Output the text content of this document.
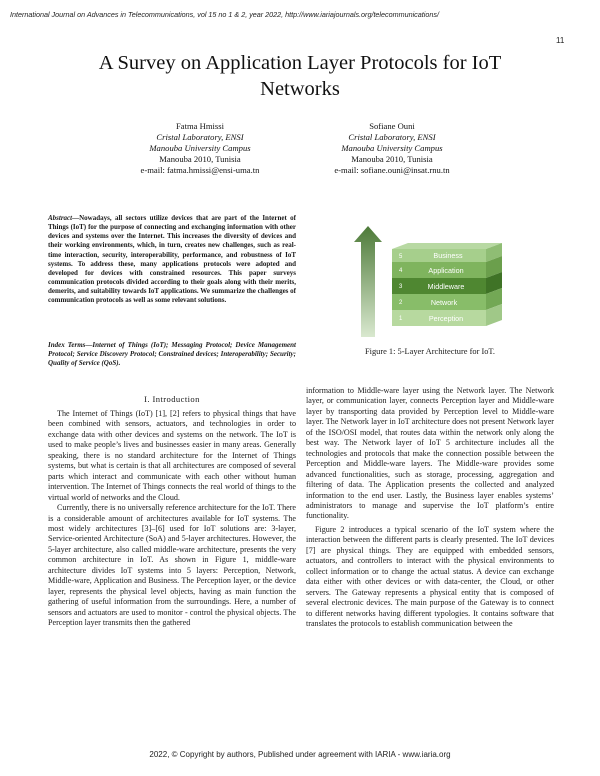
International Journal on Advances in Telecommunications, vol 15 no 1 & 2, year 2022, http://www.iariajournals.org/telecommunications/
11
A Survey on Application Layer Protocols for IoT
Networks
Fatma Hmissi
Cristal Laboratory, ENSI
Manouba University Campus
Manouba 2010, Tunisia
e-mail: fatma.hmissi@ensi-uma.tn
Sofiane Ouni
Cristal Laboratory, ENSI
Manouba University Campus
Manouba 2010, Tunisia
e-mail: sofiane.ouni@insat.rnu.tn
Abstract—Nowadays, all sectors utilize devices that are part of the Internet of Things (IoT) for the purpose of connecting and exchanging information with other devices and systems over the Internet. This increases the diversity of devices and their working environments, which, in turn, creates new challenges, such as real-time interaction, security, interoperability, performance, and robustness of IoT systems. To address these, many applications protocols were adopted and developed for devices with constrained resources. This paper surveys communication protocols divided according to their goals along with their merits, demerits, and suitability towards IoT applications. We summarize the challenges of communication protocols as well as some relevant solutions.
Index Terms—Internet of Things (IoT); Messaging Protocol; Device Management Protocol; Service Discovery Protocol; Constrained devices; Interoperability; Security; Quality of Service (QoS).
5
4
3
2
1
Business
Application
Middleware
Network
Perception
Figure 1: 5-Layer Architecture for IoT.
I. Introduction

The Internet of Things (IoT) [1], [2] refers to physical things that have been combined with sensors, actuators, and technologies in order to exchange data with other devices and systems on the network. The IoT is used to make people’s lives and businesses easier in many areas. Generally speaking, there is no standard architecture for the Internet of Things systems, but what is certain is that all architectures are composed of several parts which interact and communicate with each other without human intervention. The Internet of Things connects the real world of things to the virtual world of networks and the Cloud.

Currently, there is no universally reference architecture for the IoT. There is a considerable amount of architectures available for IoT systems. The most widely architectures [3]–[6] used for IoT solutions are: 3-layer, Service-oriented Architecture (SoA) and 5-layer architectures. However, the 5-layer architecture, also called middle-ware architecture, presents the very common architecture in IoT. As shown in Figure 1, middle-ware architecture divides IoT systems into 5 layers: Perception, Network, Middle-ware, Application and Business. The Perception layer, or the device layer, represents the physical level objects, having as main function the gathering of useful information from the surroundings. Here, a number of sensors and actuators are used to monitor - control the physical objects. The Perception layer transmits then the gathered

information to Middle-ware layer using the Network layer. The Network layer, or communication layer, connects Perception layer and Middle-ware layer by transporting data provided by Perception level to Middle-ware layer. The Network layer in IoT architecture does not present Network layer of the ISO/OSI model, that routes data within the network only along the best way. The Network layer of IoT 5 architecture includes all the technologies and protocols that make the connection possible between the Perception and Middle-ware layers. The Middle-ware provides some advanced functionalities, such as storage, processing, aggregation and filtering of data. The Application presents the collected and analyzed information to the end user. Lastly, the Business layer enables systems’ administrators to manage and supervise the IoT platform’s entire functionality.

Figure 2 introduces a typical scenario of the IoT system where the interaction between the different parts is clearly presented. The IoT devices [7] are physical things. They are equipped with embedded sensors, actuators, and controllers to interact with the physical environments to collect information or to change the actual status. A device can exchange data either with other devices or with data-center, the Cloud, or other servers. The Gateway represents a physical entity that is composed of several electronic devices. The main purpose of the Gateway is to connect to different networks having different typologies. It contains software that translates the protocols to establish communication between the

2022, © Copyright by authors, Published under agreement with IARIA - www.iaria.org
